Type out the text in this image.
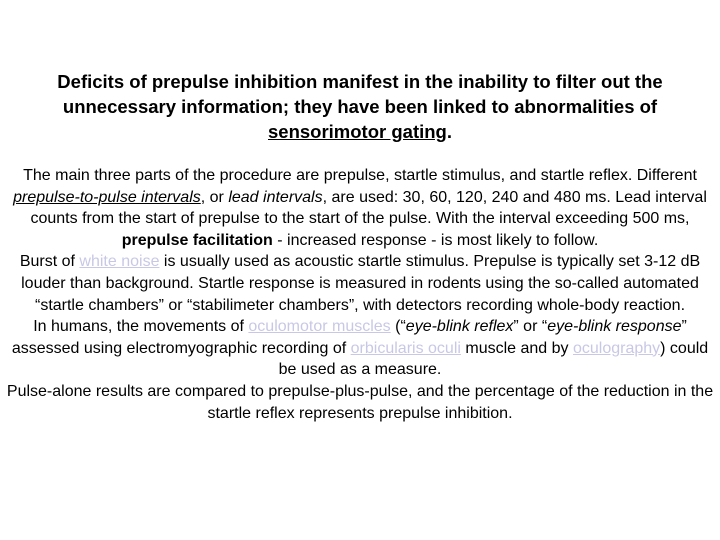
Deficits of prepulse inhibition manifest in the inability to filter out the unnecessary information; they have been linked to abnormalities of sensorimotor gating.

The main three parts of the procedure are prepulse, startle stimulus, and startle reflex. Different prepulse-to-pulse intervals, or lead intervals, are used: 30, 60, 120, 240 and 480 ms. Lead interval counts from the start of prepulse to the start of the pulse. With the interval exceeding 500 ms, prepulse facilitation - increased response - is most likely to follow.

Burst of white noise is usually used as acoustic startle stimulus. Prepulse is typically set 3-12 dB louder than background. Startle response is measured in rodents using the so-called automated “startle chambers” or “stabilimeter chambers”, with detectors recording whole-body reaction.

In humans, the movements of oculomotor muscles (“eye-blink reflex” or “eye-blink response” assessed using electromyographic recording of orbicularis oculi muscle and by oculography) could be used as a measure.

Pulse-alone results are compared to prepulse-plus-pulse, and the percentage of the reduction in the startle reflex represents prepulse inhibition.
